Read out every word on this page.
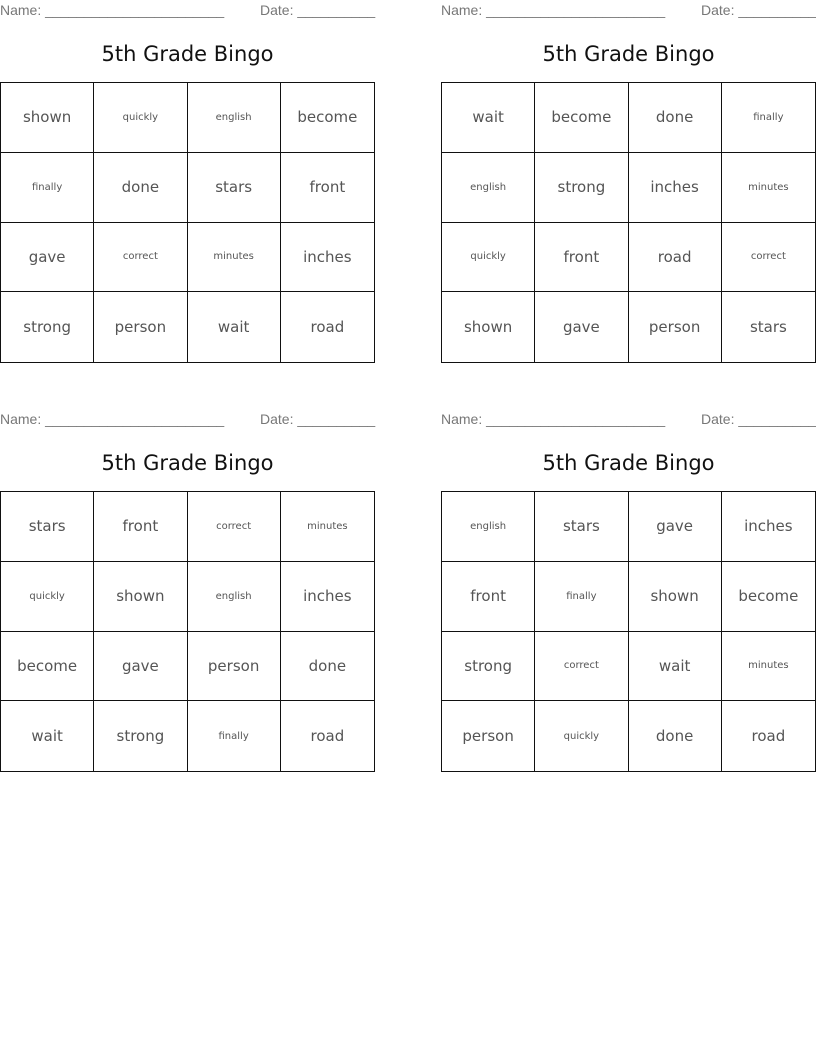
Name: _______________________	Date: __________
5th Grade Bingo
shown	quickly	english	become
finally	done	stars	front
gave	correct	minutes	inches
strong	person	wait	road
Name: _______________________	Date: __________
5th Grade Bingo
wait	become	done	finally
english	strong	inches	minutes
quickly	front	road	correct
shown	gave	person	stars
Name: _______________________	Date: __________
5th Grade Bingo
stars	front	correct	minutes
quickly	shown	english	inches
become	gave	person	done
wait	strong	finally	road
Name: _______________________	Date: __________
5th Grade Bingo
english	stars	gave	inches
front	finally	shown	become
strong	correct	wait	minutes
person	quickly	done	road
